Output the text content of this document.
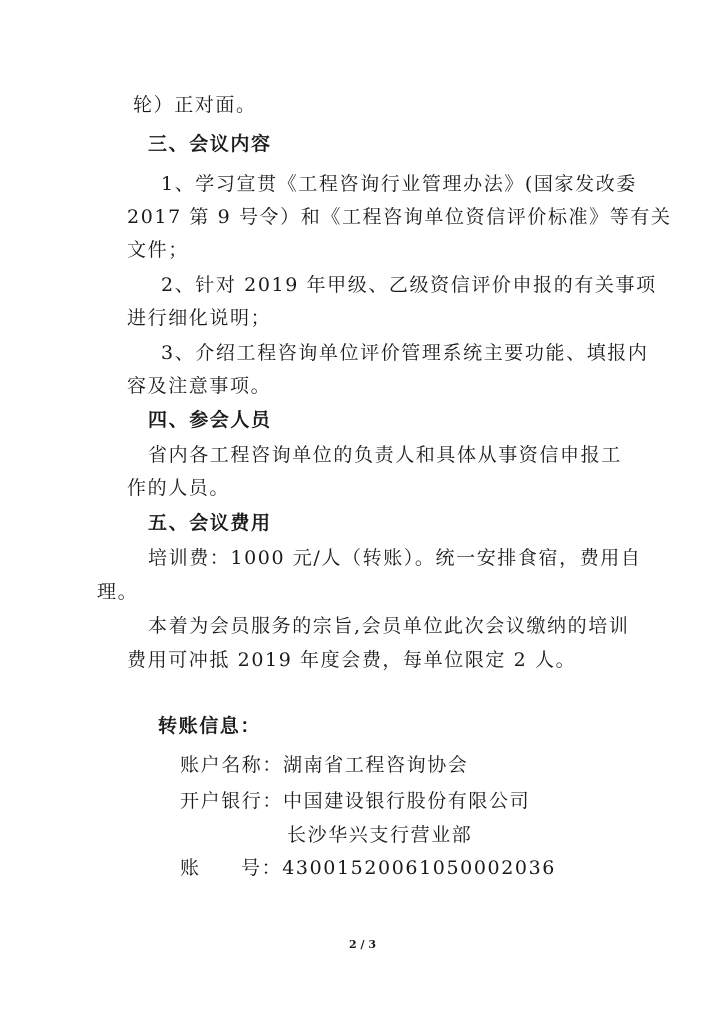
轮）正对面。
三、会议内容
1、学习宣贯《工程咨询行业管理办法》(国家发改委
2017 第 9 号令）和《工程咨询单位资信评价标准》等有关
文件；
2、针对 2019 年甲级、乙级资信评价申报的有关事项
进行细化说明；
3、介绍工程咨询单位评价管理系统主要功能、填报内
容及注意事项。
四、参会人员
省内各工程咨询单位的负责人和具体从事资信申报工
作的人员。
五、会议费用
培训费：1000 元/人（转账）。统一安排食宿，费用自
理。
本着为会员服务的宗旨,会员单位此次会议缴纳的培训
费用可冲抵 2019 年度会费，每单位限定 2 人。
转账信息：
账户名称：湖南省工程咨询协会
开户银行：中国建设银行股份有限公司
长沙华兴支行营业部
账 号：4300152006105000203​6
2 / 3
